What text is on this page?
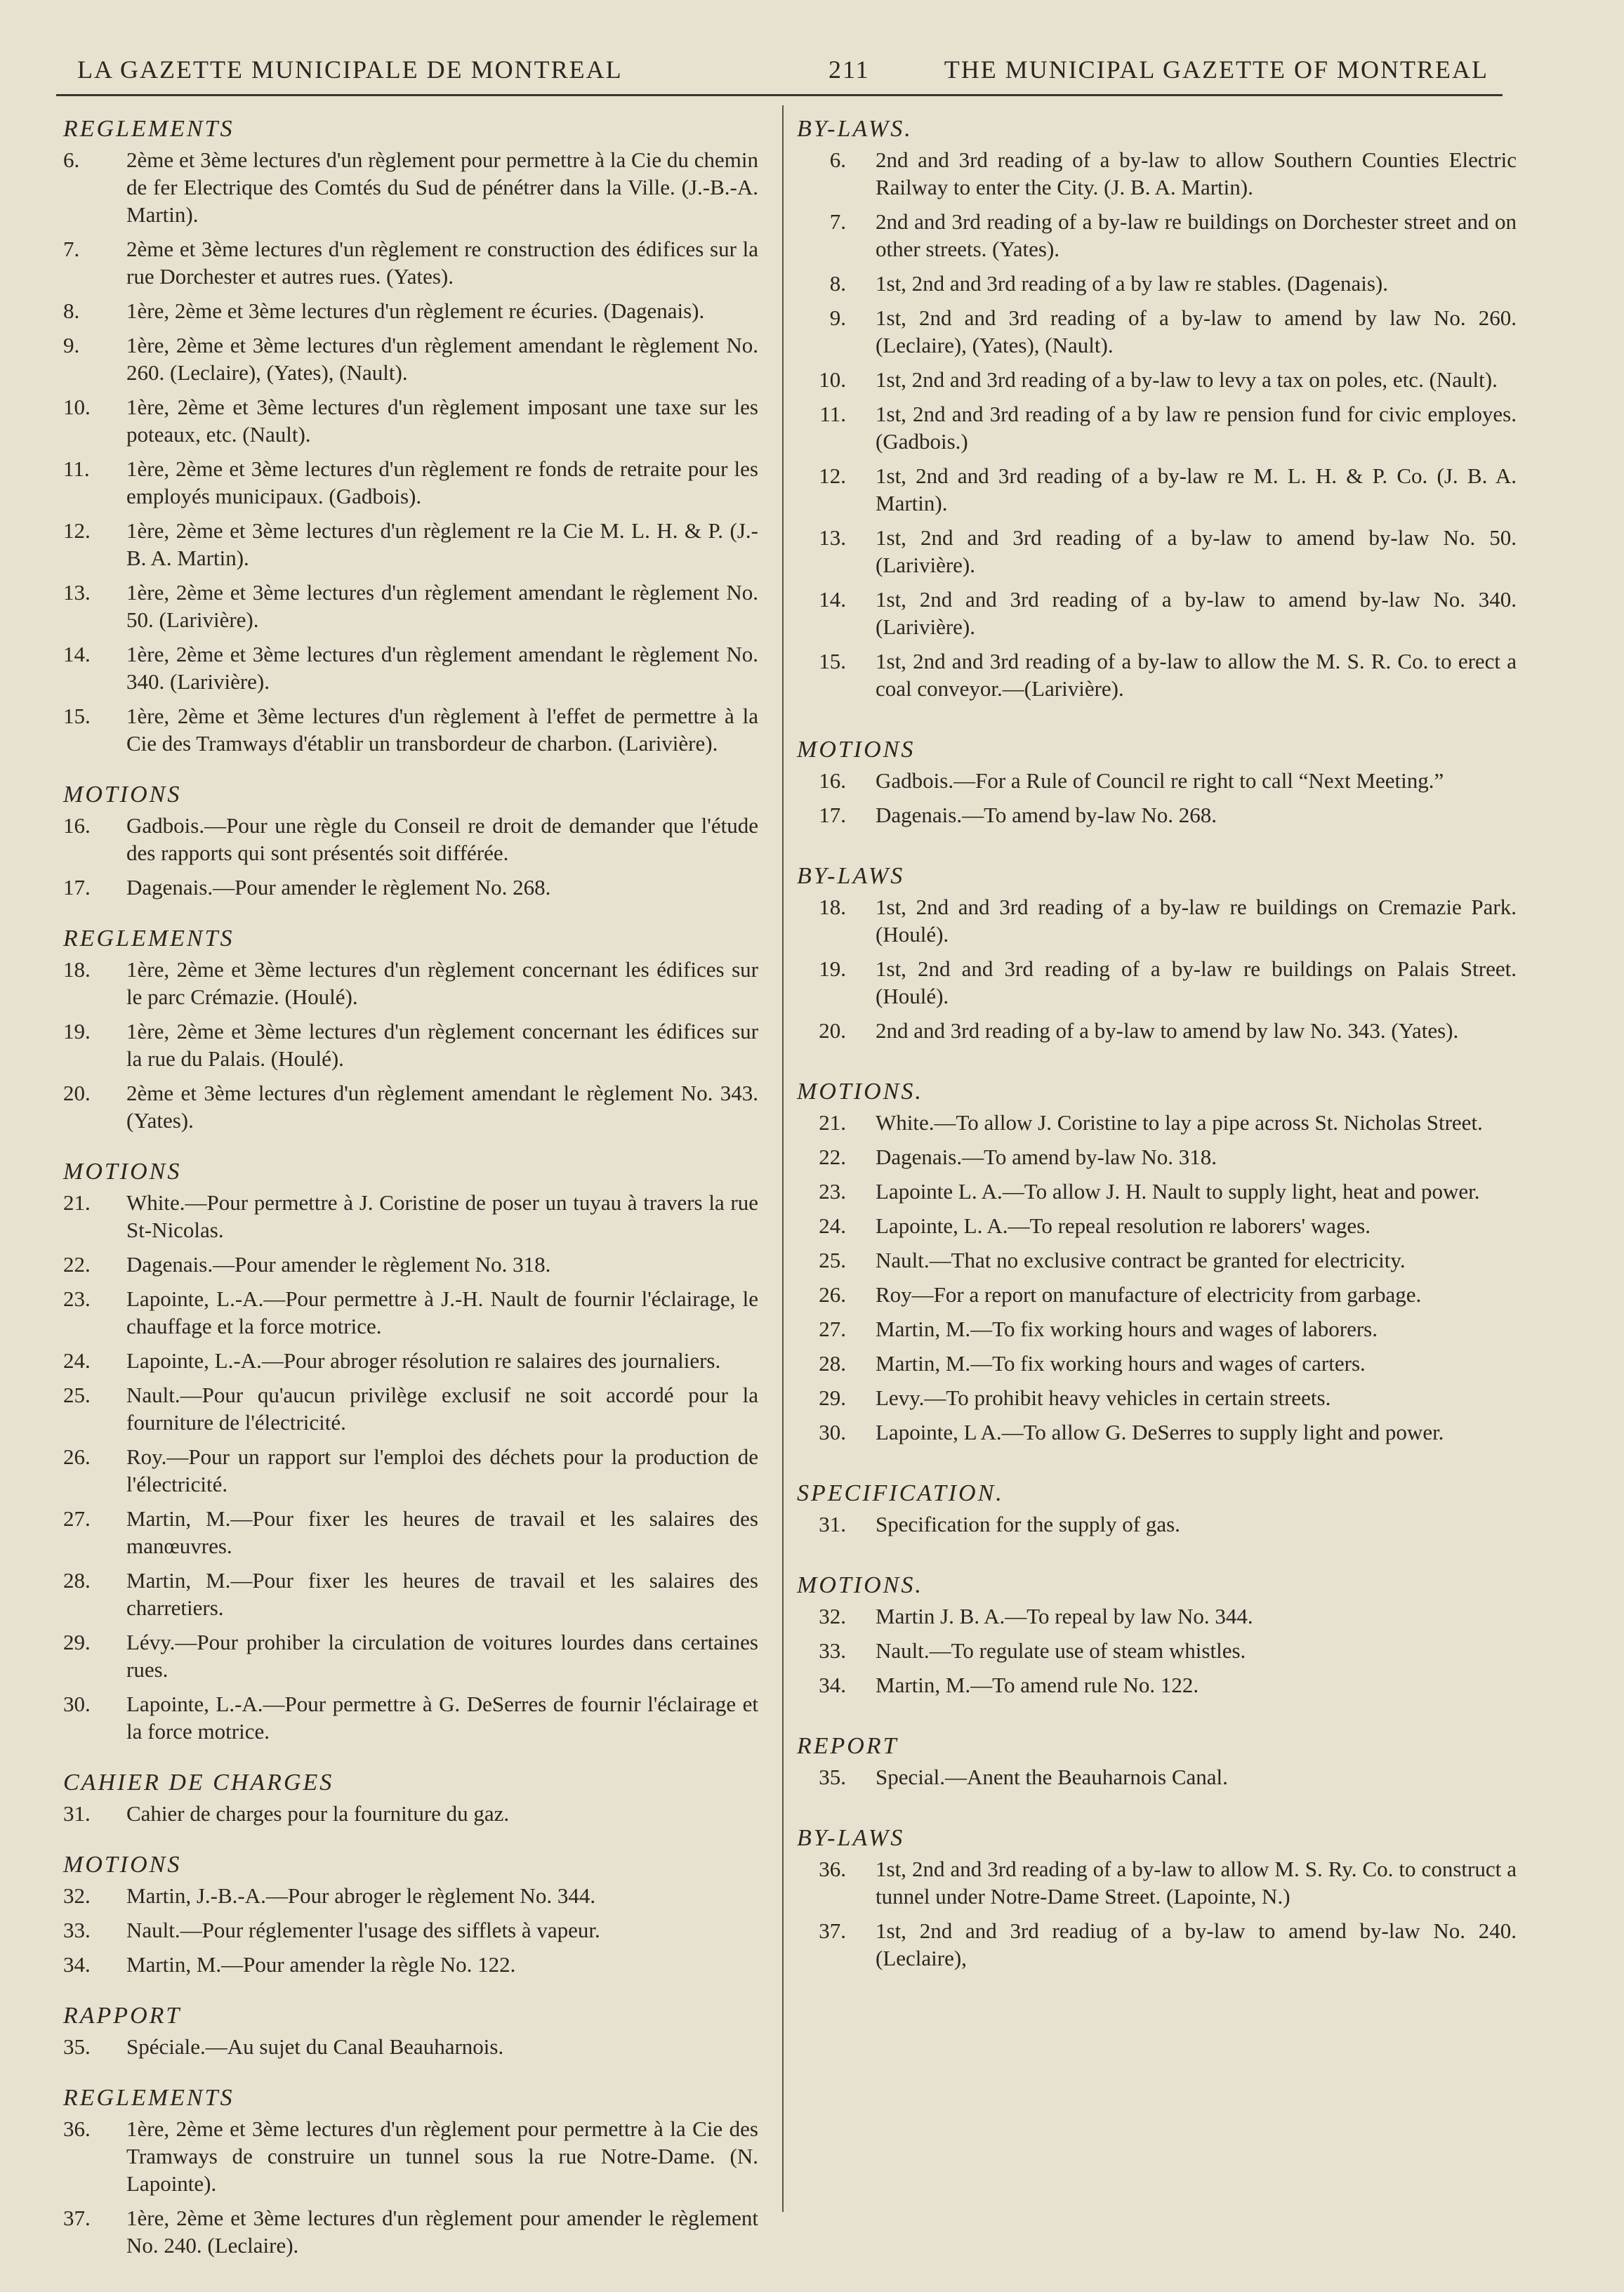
LA GAZETTE MUNICIPALE DE MONTREAL	211	THE MUNICIPAL GAZETTE OF MONTREAL
REGLEMENTS
6.	2ème et 3ème lectures d'un règlement pour permettre à la Cie du chemin de fer Electrique des Comtés du Sud de pénétrer dans la Ville. (J.-B.-A. Martin).
7.	2ème et 3ème lectures d'un règlement re construction des édifices sur la rue Dorchester et autres rues. (Yates).
8.	1ère, 2ème et 3ème lectures d'un règlement re écuries. (Dagenais).
9.	1ère, 2ème et 3ème lectures d'un règlement amendant le règlement No. 260. (Leclaire), (Yates), (Nault).
10.	1ère, 2ème et 3ème lectures d'un règlement imposant une taxe sur les poteaux, etc. (Nault).
11.	1ère, 2ème et 3ème lectures d'un règlement re fonds de retraite pour les employés municipaux. (Gadbois).
12.	1ère, 2ème et 3ème lectures d'un règlement re la Cie M. L. H. & P. (J.-B. A. Martin).
13.	1ère, 2ème et 3ème lectures d'un règlement amendant le règlement No. 50. (Larivière).
14.	1ère, 2ème et 3ème lectures d'un règlement amendant le règlement No. 340. (Larivière).
15.	1ère, 2ème et 3ème lectures d'un règlement à l'effet de permettre à la Cie des Tramways d'établir un transbordeur de charbon. (Larivière).
MOTIONS
16.	Gadbois.—Pour une règle du Conseil re droit de demander que l'étude des rapports qui sont présentés soit différée.
17.	Dagenais.—Pour amender le règlement No. 268.
REGLEMENTS
18.	1ère, 2ème et 3ème lectures d'un règlement concernant les édifices sur le parc Crémazie. (Houlé).
19.	1ère, 2ème et 3ème lectures d'un règlement concernant les édifices sur la rue du Palais. (Houlé).
20.	2ème et 3ème lectures d'un règlement amendant le règlement No. 343. (Yates).
MOTIONS
21.	White.—Pour permettre à J. Coristine de poser un tuyau à travers la rue St-Nicolas.
22.	Dagenais.—Pour amender le règlement No. 318.
23.	Lapointe, L.-A.—Pour permettre à J.-H. Nault de fournir l'éclairage, le chauffage et la force motrice.
24.	Lapointe, L.-A.—Pour abroger résolution re salaires des journaliers.
25.	Nault.—Pour qu'aucun privilège exclusif ne soit accordé pour la fourniture de l'électricité.
26.	Roy.—Pour un rapport sur l'emploi des déchets pour la production de l'électricité.
27.	Martin, M.—Pour fixer les heures de travail et les salaires des manœuvres.
28.	Martin, M.—Pour fixer les heures de travail et les salaires des charretiers.
29.	Lévy.—Pour prohiber la circulation de voitures lourdes dans certaines rues.
30.	Lapointe, L.-A.—Pour permettre à G. DeSerres de fournir l'éclairage et la force motrice.
CAHIER DE CHARGES
31.	Cahier de charges pour la fourniture du gaz.
MOTIONS
32.	Martin, J.-B.-A.—Pour abroger le règlement No. 344.
33.	Nault.—Pour réglementer l'usage des sifflets à vapeur.
34.	Martin, M.—Pour amender la règle No. 122.
RAPPORT
35.	Spéciale.—Au sujet du Canal Beauharnois.
REGLEMENTS
36.	1ère, 2ème et 3ème lectures d'un règlement pour permettre à la Cie des Tramways de construire un tunnel sous la rue Notre-Dame. (N. Lapointe).
37.	1ère, 2ème et 3ème lectures d'un règlement pour amender le règlement No. 240. (Leclaire).
BY-LAWS.
6. 2nd and 3rd reading of a by-law to allow Southern Counties Electric Railway to enter the City. (J. B. A. Martin).
7. 2nd and 3rd reading of a by-law re buildings on Dorchester street and on other streets. (Yates).
8. 1st, 2nd and 3rd reading of a by law re stables. (Dagenais).
9. 1st, 2nd and 3rd reading of a by-law to amend by law No. 260. (Leclaire), (Yates), (Nault).
10. 1st, 2nd and 3rd reading of a by-law to levy a tax on poles, etc. (Nault).
11. 1st, 2nd and 3rd reading of a by law re pension fund for civic employes. (Gadbois.)
12. 1st, 2nd and 3rd reading of a by-law re M. L. H. & P. Co. (J. B. A. Martin).
13. 1st, 2nd and 3rd reading of a by-law to amend by-law No. 50. (Larivière).
14. 1st, 2nd and 3rd reading of a by-law to amend by-law No. 340. (Larivière).
15. 1st, 2nd and 3rd reading of a by-law to allow the M. S. R. Co. to erect a coal conveyor.—(Larivière).
MOTIONS
16. Gadbois.—For a Rule of Council re right to call “Next Meeting.”
17. Dagenais.—To amend by-law No. 268.
BY-LAWS
18. 1st, 2nd and 3rd reading of a by-law re buildings on Cremazie Park. (Houlé).
19. 1st, 2nd and 3rd reading of a by-law re buildings on Palais Street. (Houlé).
20. 2nd and 3rd reading of a by-law to amend by law No. 343. (Yates).
MOTIONS.
21. White.—To allow J. Coristine to lay a pipe across St. Nicholas Street.
22. Dagenais.—To amend by-law No. 318.
23. Lapointe L. A.—To allow J. H. Nault to supply light, heat and power.
24. Lapointe, L. A.—To repeal resolution re laborers' wages.
25. Nault.—That no exclusive contract be granted for electricity.
26. Roy—For a report on manufacture of electricity from garbage.
27. Martin, M.—To fix working hours and wages of laborers.
28. Martin, M.—To fix working hours and wages of carters.
29. Levy.—To prohibit heavy vehicles in certain streets.
30. Lapointe, L A.—To allow G. DeSerres to supply light and power.
SPECIFICATION.
31. Specification for the supply of gas.
MOTIONS.
32. Martin J. B. A.—To repeal by law No. 344.
33. Nault.—To regulate use of steam whistles.
34. Martin, M.—To amend rule No. 122.
REPORT
35. Special.—Anent the Beauharnois Canal.
BY-LAWS
36. 1st, 2nd and 3rd reading of a by-law to allow M. S. Ry. Co. to construct a tunnel under Notre-Dame Street. (Lapointe, N.)
37. 1st, 2nd and 3rd readiug of a by-law to amend by-law No. 240. (Leclaire),
